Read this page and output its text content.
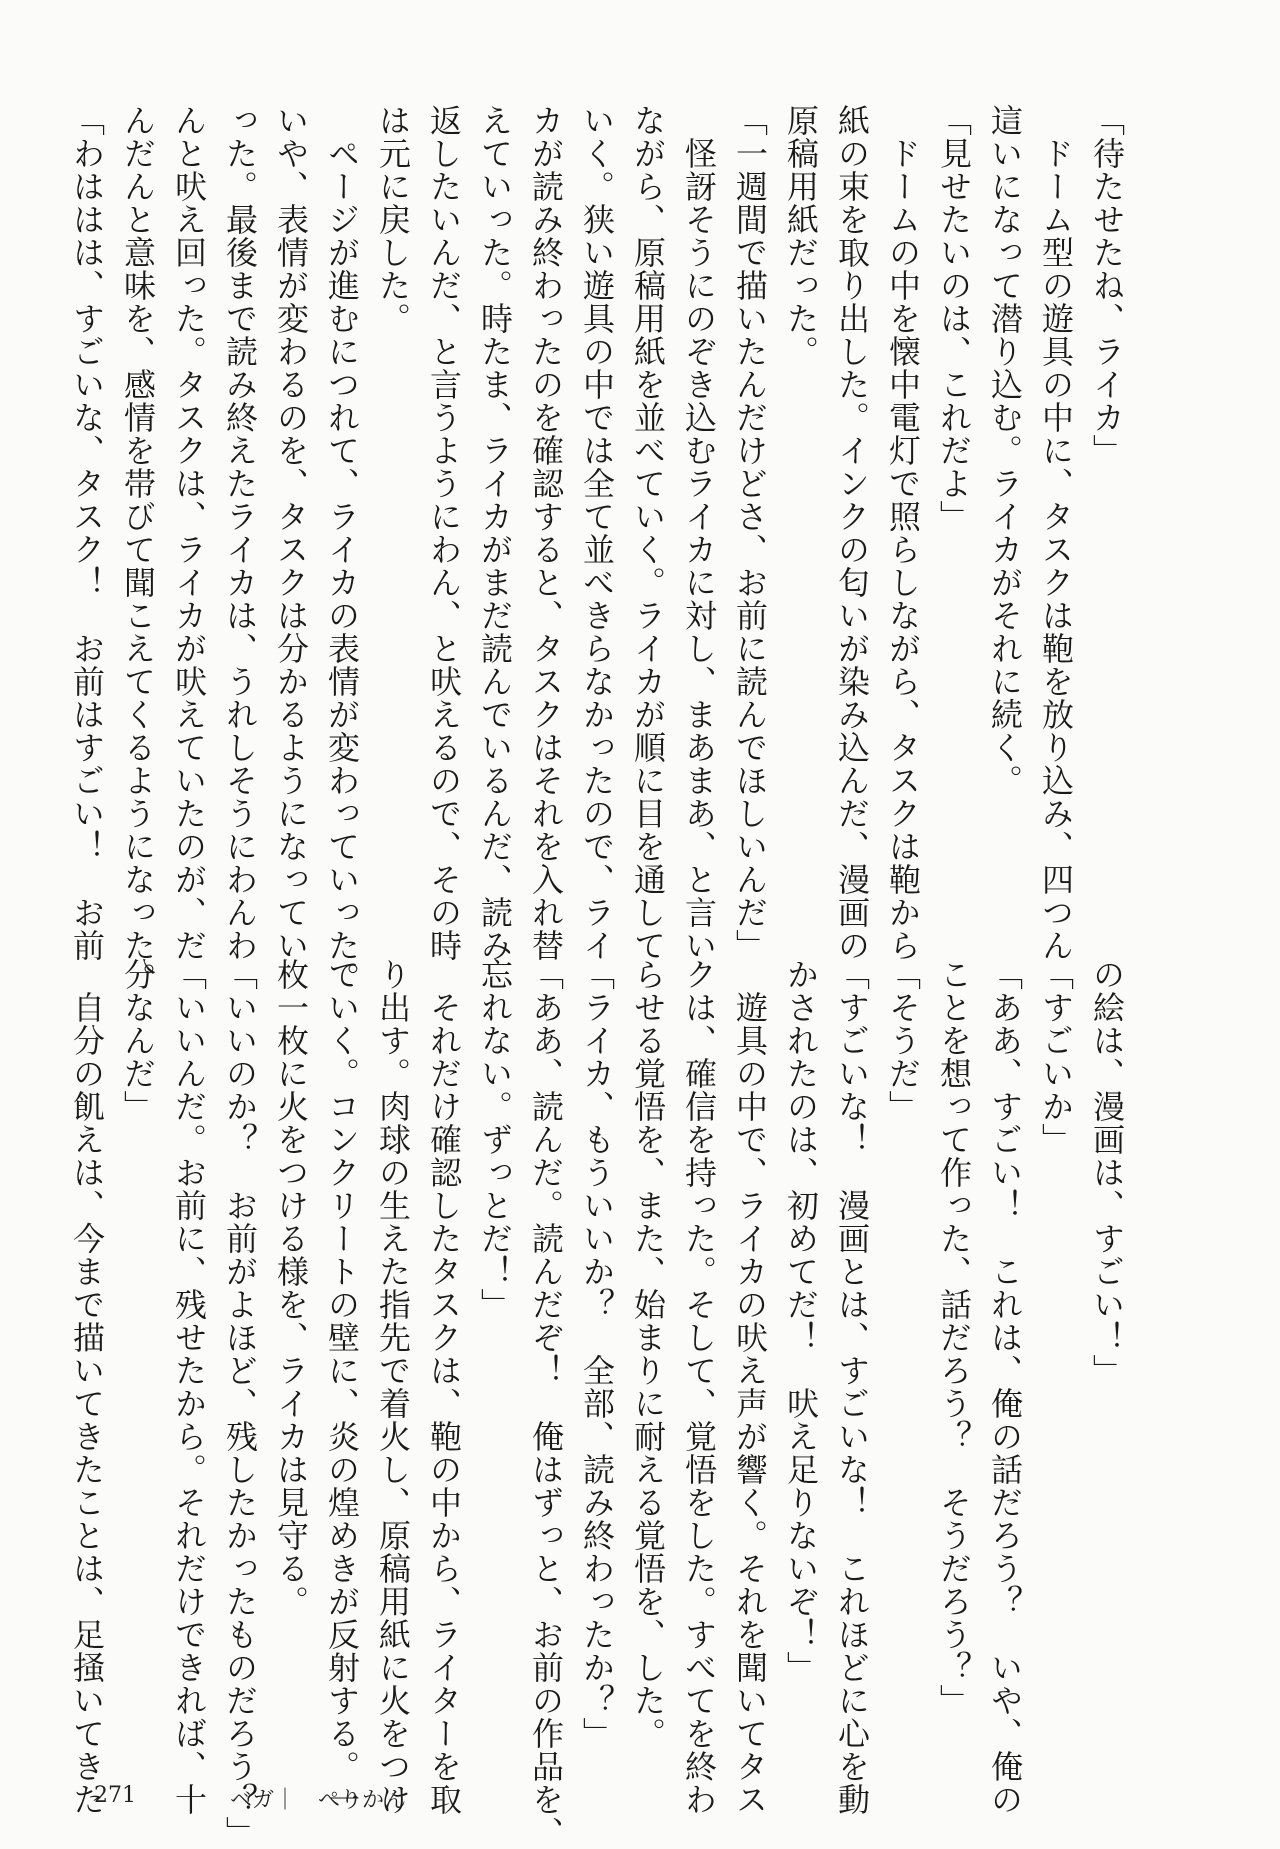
「待たせたね、ライカ」
　ドーム型の遊具の中に、タスクは鞄を放り込み、四つん
這いになって潜り込む。ライカがそれに続く。
「見せたいのは、これだよ」
　ドームの中を懐中電灯で照らしながら、タスクは鞄から
紙の束を取り出した。インクの匂いが染み込んだ、漫画の
原稿用紙だった。
「一週間で描いたんだけどさ、お前に読んでほしいんだ」
　怪訝そうにのぞき込むライカに対し、まあまあ、と言い
ながら、原稿用紙を並べていく。ライカが順に目を通して
いく。狭い遊具の中では全て並べきらなかったので、ライ
カが読み終わったのを確認すると、タスクはそれを入れ替
えていった。時たま、ライカがまだ読んでいるんだ、読み
返したいんだ、と言うようにわん、と吠えるので、その時
は元に戻した。
　ページが進むにつれて、ライカの表情が変わっていった。
いや、表情が変わるのを、タスクは分かるようになってい
った。最後まで読み終えたライカは、うれしそうにわんわ
んと吠え回った。タスクは、ライカが吠えていたのが、だ
んだんと意味を、感情を帯びて聞こえてくるようになった。
「わははは、すごいな、タスク！　お前はすごい！　お前
の絵は、漫画は、すごい！」
「すごいか」
「ああ、すごい！　これは、俺の話だろう？　いや、俺の
ことを想って作った、話だろう？　そうだろう？」
「そうだ」
「すごいな！　漫画とは、すごいな！　これほどに心を動
かされたのは、初めてだ！　吠え足りないぞ！」
　遊具の中で、ライカの吠え声が響く。それを聞いてタス
クは、確信を持った。そして、覚悟をした。すべてを終わ
らせる覚悟を、また、始まりに耐える覚悟を、した。
「ライカ、もういいか？　全部、読み終わったか？」
「ああ、読んだ。読んだぞ！　俺はずっと、お前の作品を、
忘れない。ずっとだ！」
　それだけ確認したタスクは、鞄の中から、ライターを取
り出す。肉球の生えた指先で着火し、原稿用紙に火をつけ
ていく。コンクリートの壁に、炎の煌めきが反射する。一
枚一枚に火をつける様を、ライカは見守る。
「いいのか？　お前がよほど、残したかったものだろう？」
「いいんだ。お前に、残せたから。それだけできれば、十
分なんだ」
　自分の飢えは、今まで描いてきたことは、足掻いてきた
271	ベガ｜　ぺりかん
